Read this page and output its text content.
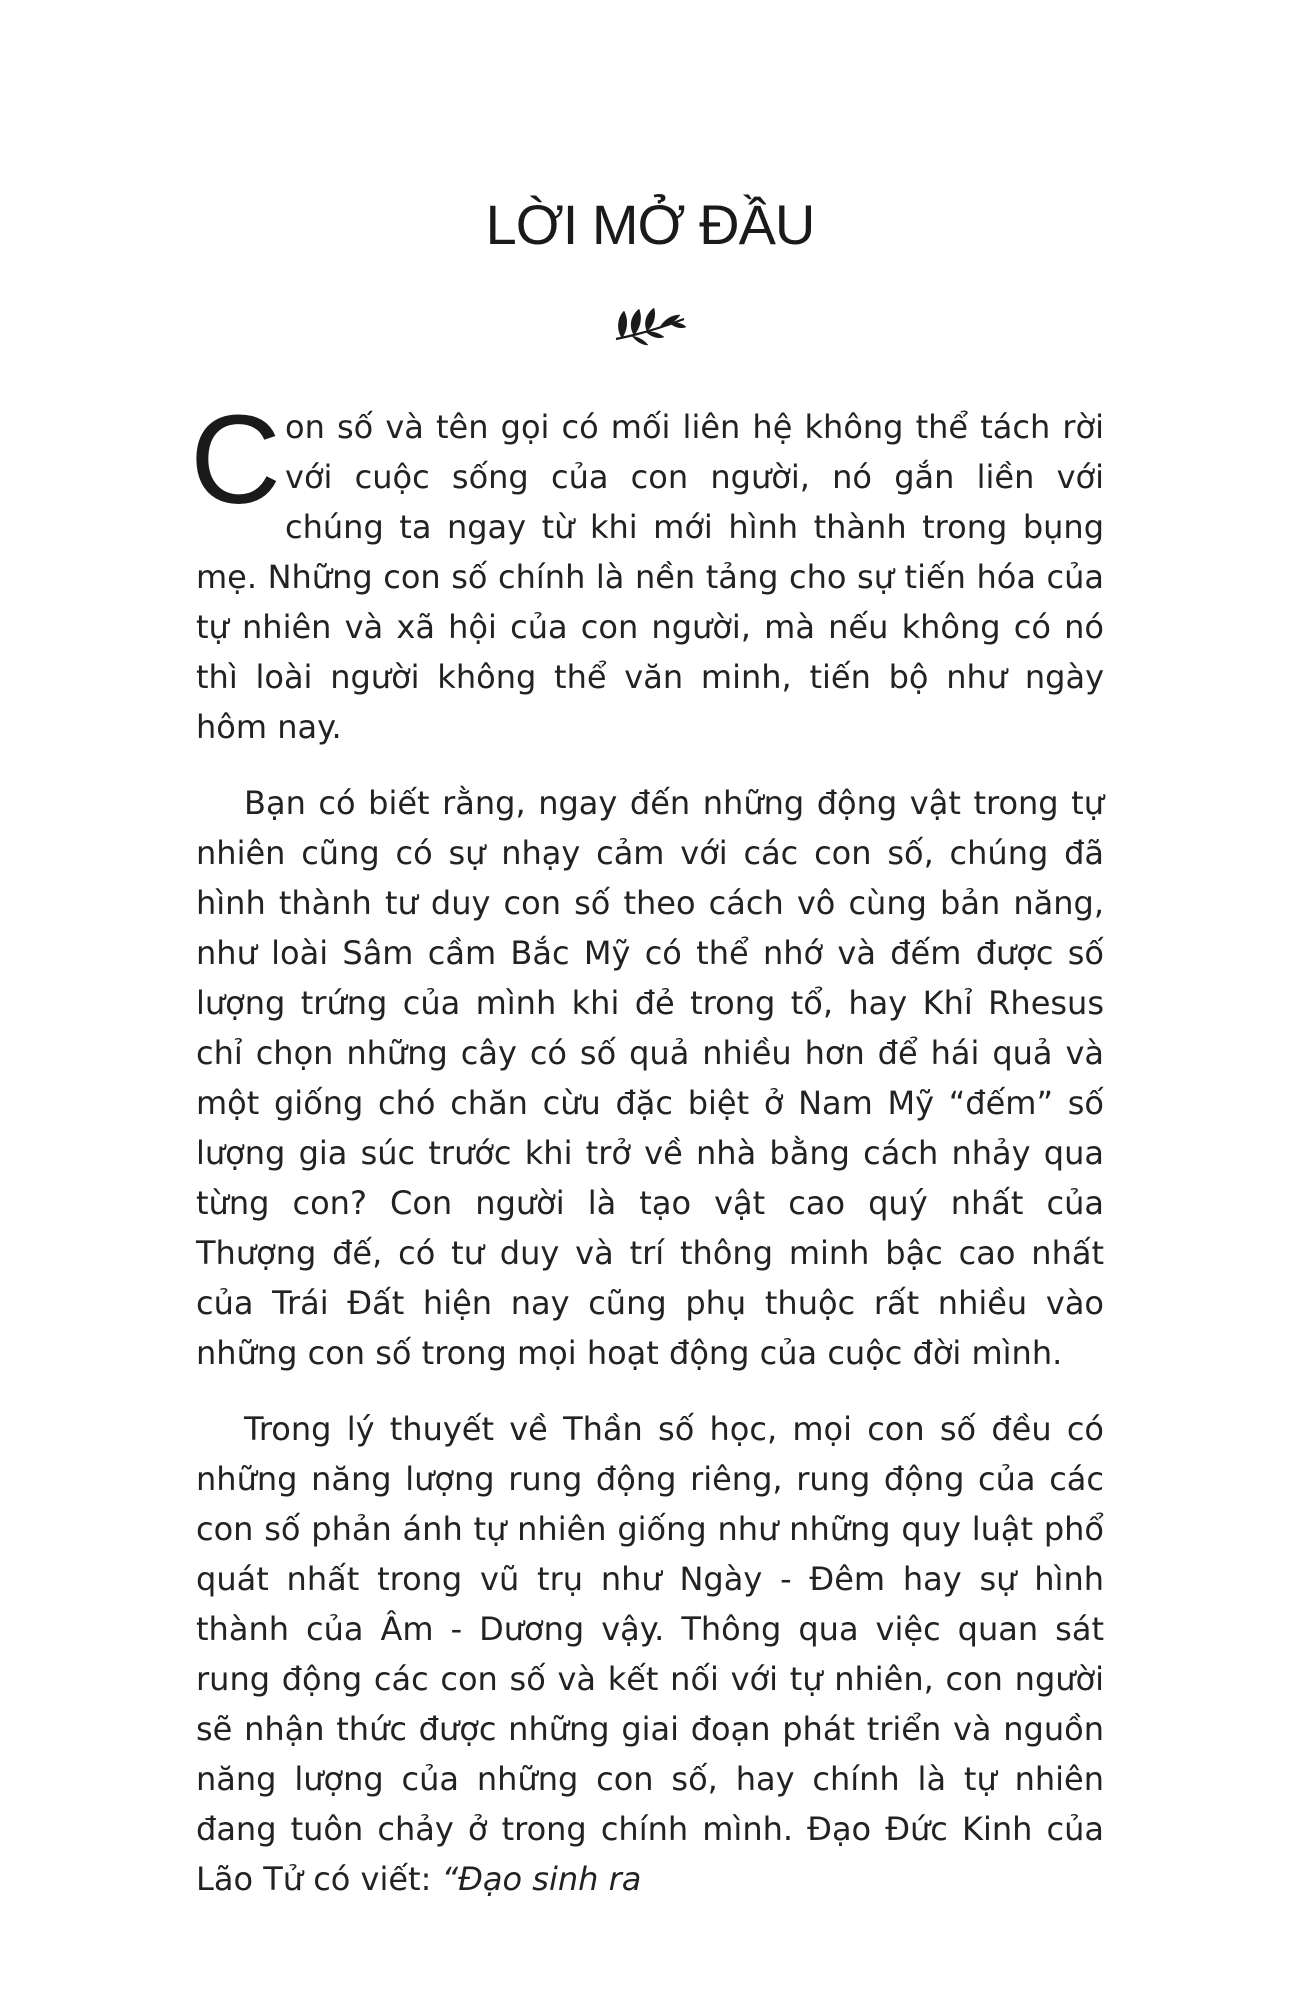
LỜI MỞ ĐẦU

Con số và tên gọi có mối liên hệ không thể tách rời với cuộc sống của con người, nó gắn liền với chúng ta ngay từ khi mới hình thành trong bụng mẹ. Những con số chính là nền tảng cho sự tiến hóa của tự nhiên và xã hội của con người, mà nếu không có nó thì loài người không thể văn minh, tiến bộ như ngày hôm nay.

Bạn có biết rằng, ngay đến những động vật trong tự nhiên cũng có sự nhạy cảm với các con số, chúng đã hình thành tư duy con số theo cách vô cùng bản năng, như loài Sâm cầm Bắc Mỹ có thể nhớ và đếm được số lượng trứng của mình khi đẻ trong tổ, hay Khỉ Rhesus chỉ chọn những cây có số quả nhiều hơn để hái quả và một giống chó chăn cừu đặc biệt ở Nam Mỹ “đếm” số lượng gia súc trước khi trở về nhà bằng cách nhảy qua từng con? Con người là tạo vật cao quý nhất của Thượng đế, có tư duy và trí thông minh bậc cao nhất của Trái Đất hiện nay cũng phụ thuộc rất nhiều vào những con số trong mọi hoạt động của cuộc đời mình.

Trong lý thuyết về Thần số học, mọi con số đều có những năng lượng rung động riêng, rung động của các con số phản ánh tự nhiên giống như những quy luật phổ quát nhất trong vũ trụ như Ngày - Đêm hay sự hình thành của Âm - Dương vậy. Thông qua việc quan sát rung động các con số và kết nối với tự nhiên, con người sẽ nhận thức được những giai đoạn phát triển và nguồn năng lượng của những con số, hay chính là tự nhiên đang tuôn chảy ở trong chính mình. Đạo Đức Kinh của Lão Tử có viết: “Đạo sinh ra
